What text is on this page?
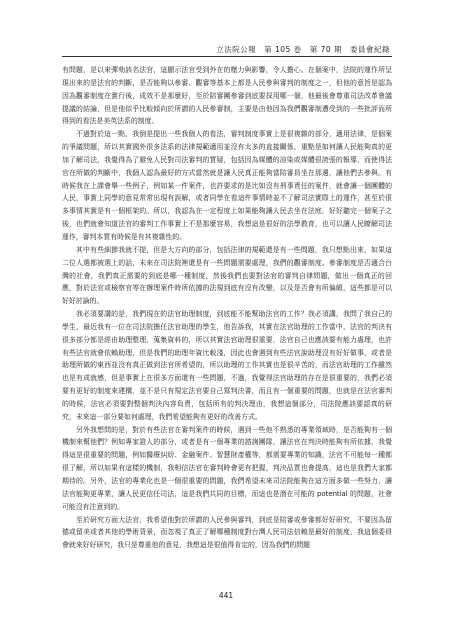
立法院公報 第 105 卷 第 70 期 委員會紀錄

有問題，是以來彈劾該名法官，這顯示法官受到外在的壓力與影響，令人擔心。在個案中，法院的運作所呈現出來的是法官的判斷，是否能夠以參審、觀審等基本上都是人民參與審判的制度之一，但他的意旨是認為因為觀審制度在實行後，成效不是那麼好，至於陪審團參審到底要採用哪一個，他最後會尊重司法改革會議提議的結論，但是他似乎比較傾向於所謂的人民參審制，主要是由他因為我們觀審制遭受到的一些批評而所得到的看法是美英法系的制度。

不過對於這一點，我倒是提出一些我個人的看法，審判制度事實上是很複雜的部分，適用法律，是個案的爭議問題，所以其實國外很多法系的法律規範適用並沒有太多的直接關係，重點是如何讓人民能夠真的更加了解司法，我覺得為了避免人民對司法審判的質疑，包括因為媒體的渲染或媒體很誇張的報導，而使得法官在所做的判斷中，我個人認為最好的方式當然就是讓人民真正能夠當陪審員坐在那邊，讓他們去參與。有時候我在上課會舉一些例子，例如某一件案件，也許要求的是比如沒有刑事責任的案件，就會讓一個團體的人民，事實上同學的意見常常出現有誤解，或者同學在看這件事情時並不了解司法實際上的運作，甚至於很多事情其實是有一個框架的。所以，我認為在一定程度上如果能夠讓人民去坐在法庭，好好聽完一個案子之後，也們就會知道法官的審判工作事實上不是那麼容易，我想這是很好的法學教育，也可以讓人民瞭解司法運作，審判本質有時候是有其複雜性的。

其中有些細節我就不提，但是大方向的部分，包括法律的規範還是有一些問題，我只想點出來，如果這二位人選都被選上的話，未來在司法院裡還是有一些問題需要處理，我們的觀審制度、參審制度是否適合台灣的社會，我們真正需要的到底是哪一種制度，然後我們也要對法官的審判自律問題，做出一個真正的回應，對於法官或檢察官等在辦理案件時所依據的法規到底有沒有改變，以及是否會有所偏頗，這些都是可以好好討論的。

我必須要講的是，我們現在的法官助理制度，到底能不能幫助法官的工作？我必須講，我問了我自己的學生，最近我有一位在司法院擔任法官助理的學生，他告訴我，其實在法官助理的工作當中，法官的判決有很多部分都是經由助理整理、蒐集資料的，所以其實法官助理很重要，法官自己也應該要有能力處理，也許有些法官就會依賴助理，但是我們的助理年資比較淺，因此也會遇到有些法官說助理沒有好好做事，或者是助理所做的東西並沒有真正做到法官所希望的，所以助理的工作其實也是很辛苦的，而法官助理的工作雖然也是有成就感，但是事實上在很多方面還有一些問題，不過，我覺得法官助理的存在是很重要的，我們必須要有更好的制度來建構，並不是只有規定法官要自己寫判決書，而且有一個重要的問題，也就是在法官審判的時候，法官必須要對整個判決內容負責，包括所有的判決理由，我想這個部分，司法院應該要認真的研究，未來這一部分要如何處理，我們希望能夠有更好的改善方式。

另外我想問的是，對於有些法官在審判案件的時候，遇到一些他不熟悉的專業領域時，是否能夠有一個機制來幫他們？例如專家證人的部分，或者是有一個專業的諮詢團隊，讓法官在判決時能夠有所依據，我覺得這是很重要的問題，例如醫療糾紛、金融案件、智慧財產權等，都需要專業的知識，法官不可能每一種都很了解，所以如果有這樣的機制，我相信法官在審判時會更有把握，判決品質也會提高，這也是我們大家都期待的。另外，法官的專業化也是一個很重要的問題，我們希望未來司法院能夠在這方面多做一些努力，讓法官能夠更專業，讓人民更信任司法，這是我們共同的目標，而這也是潛在可能的 potential 的問題，社會可能沒有注意到的。

至於研究方面大法官，我希望他對於所謂的人民參與審判，到底是陪審或參審都好好研究，不要因為留德或留美或者其他的學術背景，而忽視了真正了解哪種制度對台灣人民司法信賴是最好的制度，我這個委員會就來好好研究，我只是尊重他的意見，我想這是很值得肯定的，因為我們的問題

441
